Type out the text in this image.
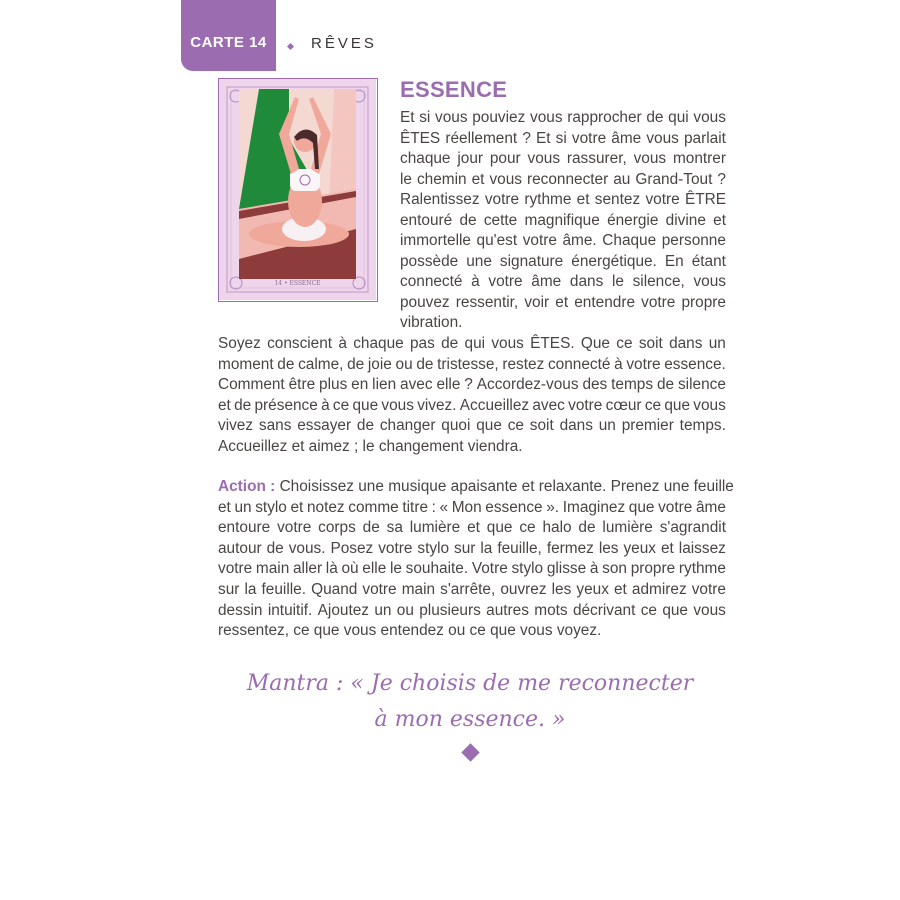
CARTE 14	RÊVES
14 • ESSENCE
ESSENCE
Et si vous pouviez vous rapprocher de qui vous
ÊTES réellement ? Et si votre âme vous parlait
chaque jour pour vous rassurer, vous montrer
le chemin et vous reconnecter au Grand-Tout ?
Ralentissez votre rythme et sentez votre ÊTRE
entouré de cette magnifique énergie divine et
immortelle qu'est votre âme. Chaque personne
possède une signature énergétique. En étant
connecté à votre âme dans le silence, vous
pouvez ressentir, voir et entendre votre propre
vibration.
Soyez conscient à chaque pas de qui vous ÊTES. Que ce soit dans un
moment de calme, de joie ou de tristesse, restez connecté à votre essence.
Comment être plus en lien avec elle ? Accordez-vous des temps de silence
et de présence à ce que vous vivez. Accueillez avec votre cœur ce que vous
vivez sans essayer de changer quoi que ce soit dans un premier temps.
Accueillez et aimez ; le changement viendra.
Action : Choisissez une musique apaisante et relaxante. Prenez une feuille
et un stylo et notez comme titre : « Mon essence ». Imaginez que votre âme
entoure votre corps de sa lumière et que ce halo de lumière s'agrandit
autour de vous. Posez votre stylo sur la feuille, fermez les yeux et laissez
votre main aller là où elle le souhaite. Votre stylo glisse à son propre rythme
sur la feuille. Quand votre main s'arrête, ouvrez les yeux et admirez votre
dessin intuitif. Ajoutez un ou plusieurs autres mots décrivant ce que vous
ressentez, ce que vous entendez ou ce que vous voyez.
Mantra : « Je choisis de me reconnecter
à mon essence. »
